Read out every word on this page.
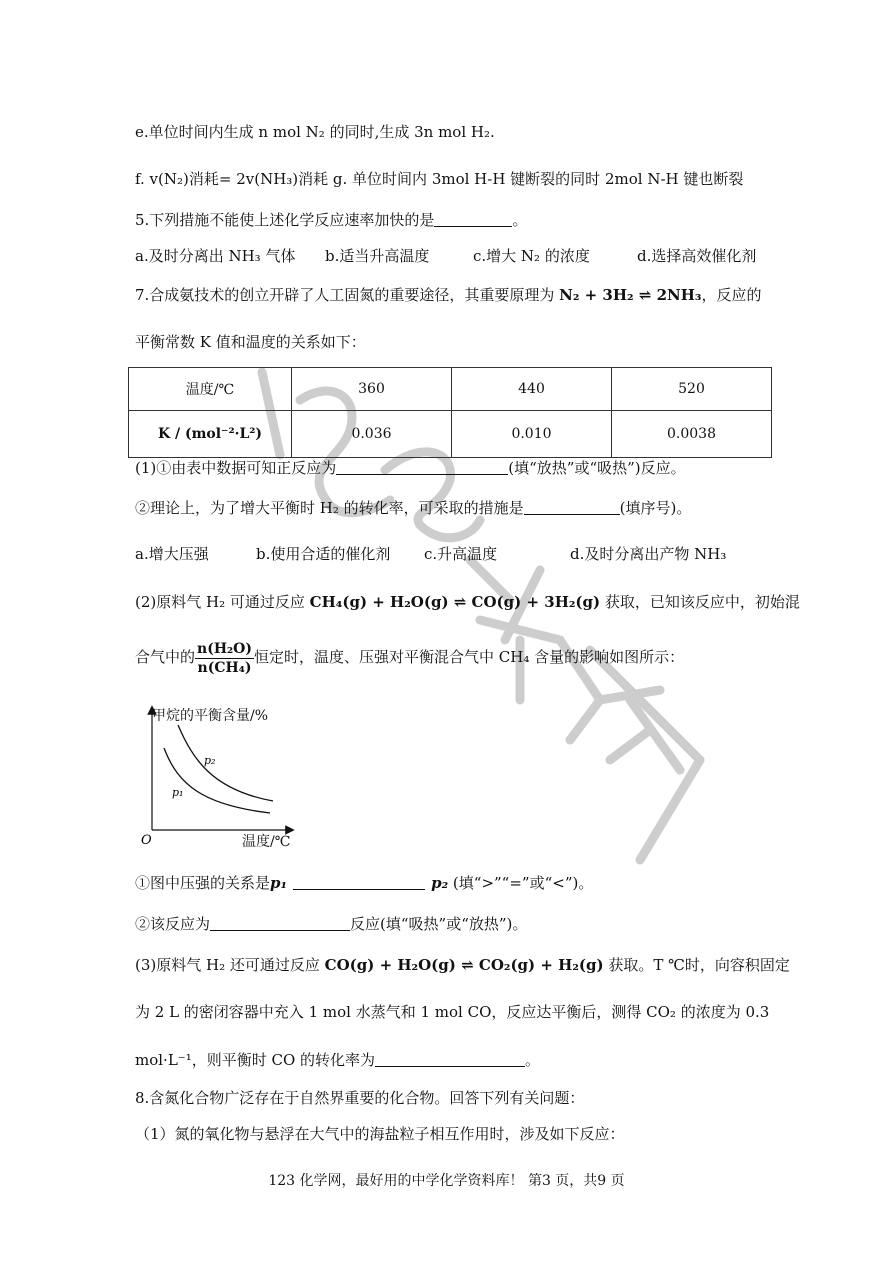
e.单位时间内生成 n mol N₂ 的同时,生成 3n mol H₂.
f. v(N₂)消耗= 2v(NH₃)消耗 g. 单位时间内 3mol H-H 键断裂的同时 2mol N-H 键也断裂
5.下列措施不能使上述化学反应速率加快的是	。
a.及时分离出 NH₃ 气体 b.适当升高温度	c.增大 N₂ 的浓度	d.选择高效催化剂
7.合成氨技术的创立开辟了人工固氮的重要途径，其重要原理为 N₂ + 3H₂ ⇌ 2NH₃，反应的
平衡常数 K 值和温度的关系如下：
温度/℃	360	440	520
K / (mol⁻²·L²)	0.036	0.010	0.0038
(1)①由表中数据可知正反应为	(填“放热”或“吸热”)反应。
②理论上，为了增大平衡时 H₂ 的转化率，可采取的措施是	(填序号)。
a.增大压强	b.使用合适的催化剂 c.升高温度	d.及时分离出产物 NH₃
(2)原料气 H₂ 可通过反应 CH₄(g) + H₂O(g) ⇌ CO(g) + 3H₂(g) 获取，已知该反应中，初始混
合气中的 $\frac{\text{n(H₂O)}}{\text{n(CH₄)}}$ 恒定时，温度、压强对平衡混合气中 CH₄ 含量的影响如图所示：
p₂
p₁
O
甲烷的平衡含量/%
温度/℃
①图中压强的关系是p₁	p₂ (填“>”“=”或“<”)。
②该反应为	反应(填“吸热”或“放热”)。
(3)原料气 H₂ 还可通过反应 CO(g) + H₂O(g) ⇌ CO₂(g) + H₂(g) 获取。T ℃时，向容积固定
为 2 L 的密闭容器中充入 1 mol 水蒸气和 1 mol CO，反应达平衡后，测得 CO₂ 的浓度为 0.3
mol·L⁻¹，则平衡时 CO 的转化率为	。
8.含氮化合物广泛存在于自然界重要的化合物。回答下列有关问题：
（1）氮的氧化物与悬浮在大气中的海盐粒子相互作用时，涉及如下反应：
123 化学网，最好用的中学化学资料库！ 第3 页，共9 页
